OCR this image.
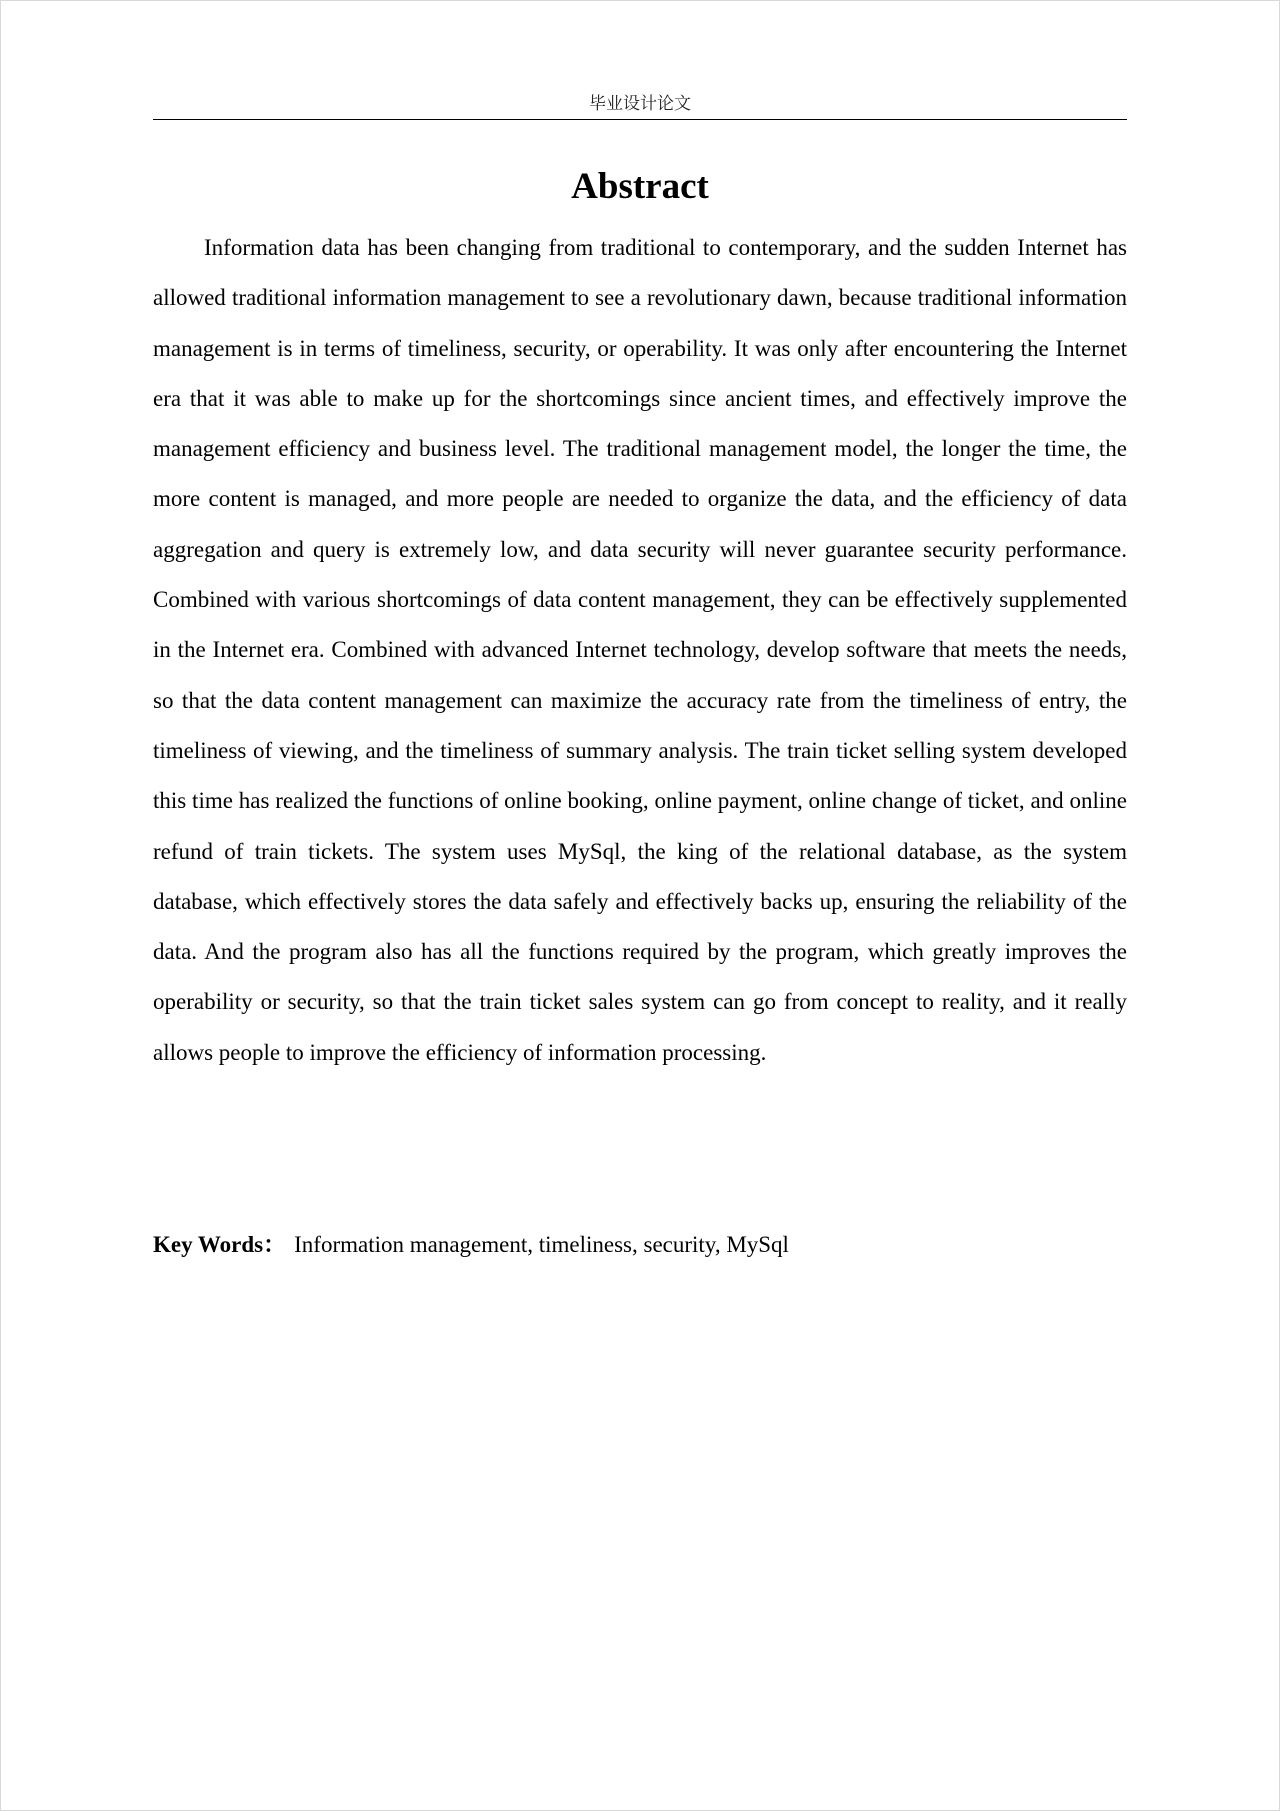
毕业设计论文
Abstract

Information data has been changing from traditional to contemporary, and the sudden Internet has allowed traditional information management to see a revolutionary dawn, because traditional information management is in terms of timeliness, security, or operability. It was only after encountering the Internet era that it was able to make up for the shortcomings since ancient times, and effectively improve the management efficiency and business level. The traditional management model, the longer the time, the more content is managed, and more people are needed to organize the data, and the efficiency of data aggregation and query is extremely low, and data security will never guarantee security performance. Combined with various shortcomings of data content management, they can be effectively supplemented in the Internet era. Combined with advanced Internet technology, develop software that meets the needs, so that the data content management can maximize the accuracy rate from the timeliness of entry, the timeliness of viewing, and the timeliness of summary analysis. The train ticket selling system developed this time has realized the functions of online booking, online payment, online change of ticket, and online refund of train tickets. The system uses MySql, the king of the relational database, as the system database, which effectively stores the data safely and effectively backs up, ensuring the reliability of the data. And the program also has all the functions required by the program, which greatly improves the operability or security, so that the train ticket sales system can go from concept to reality, and it really allows people to improve the efficiency of information processing.

Key Words： Information management, timeliness, security, MySql
